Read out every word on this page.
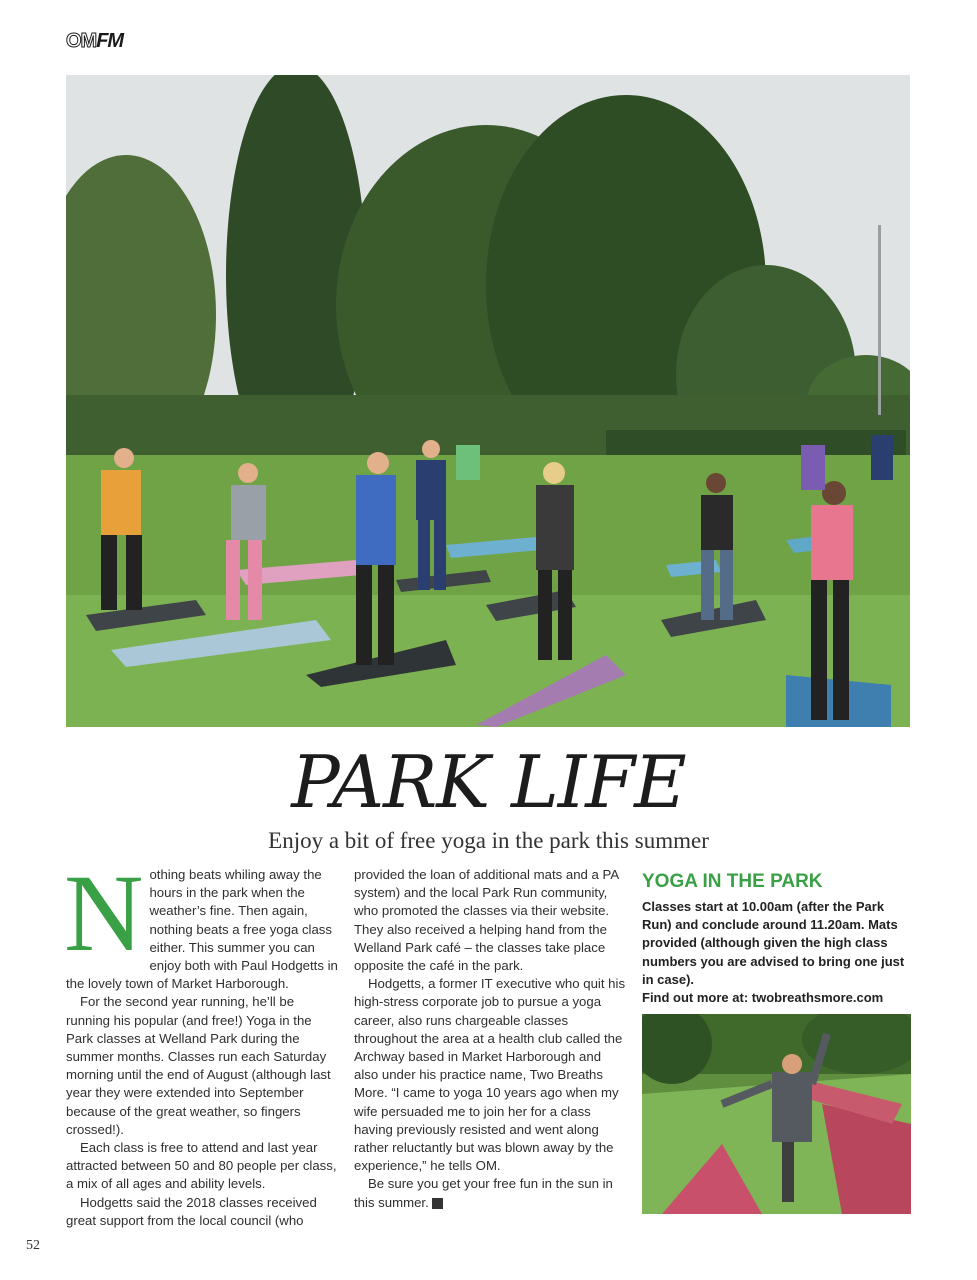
OMFM
PARK LIFE
Enjoy a bit of free yoga in the park this summer
N othing beats whiling away the hours in the park when the weather’s fine. Then again, nothing beats a free yoga class either. This summer you can enjoy both with Paul Hodgetts in the lovely town of Market Harborough.

For the second year running, he’ll be running his popular (and free!) Yoga in the Park classes at Welland Park during the summer months. Classes run each Saturday morning until the end of August (although last year they were extended into September because of the great weather, so fingers crossed!).

Each class is free to attend and last year attracted between 50 and 80 people per class, a mix of all ages and ability levels.

Hodgetts said the 2018 classes received great support from the local council (who

provided the loan of additional mats and a PA system) and the local Park Run community, who promoted the classes via their website. They also received a helping hand from the Welland Park café – the classes take place opposite the café in the park.

Hodgetts, a former IT executive who quit his high-stress corporate job to pursue a yoga career, also runs chargeable classes throughout the area at a health club called the Archway based in Market Harborough and also under his practice name, Two Breaths More. “I came to yoga 10 years ago when my wife persuaded me to join her for a class having previously resisted and went along rather reluctantly but was blown away by the experience,” he tells OM.

Be sure you get your free fun in the sun in this summer.	OM

YOGA IN THE PARK

Classes start at 10.00am (after the Park Run) and conclude around 11.20am. Mats provided (although given the high class numbers you are advised to bring one just in case).

Find out more at: twobreathsmore.com

52
